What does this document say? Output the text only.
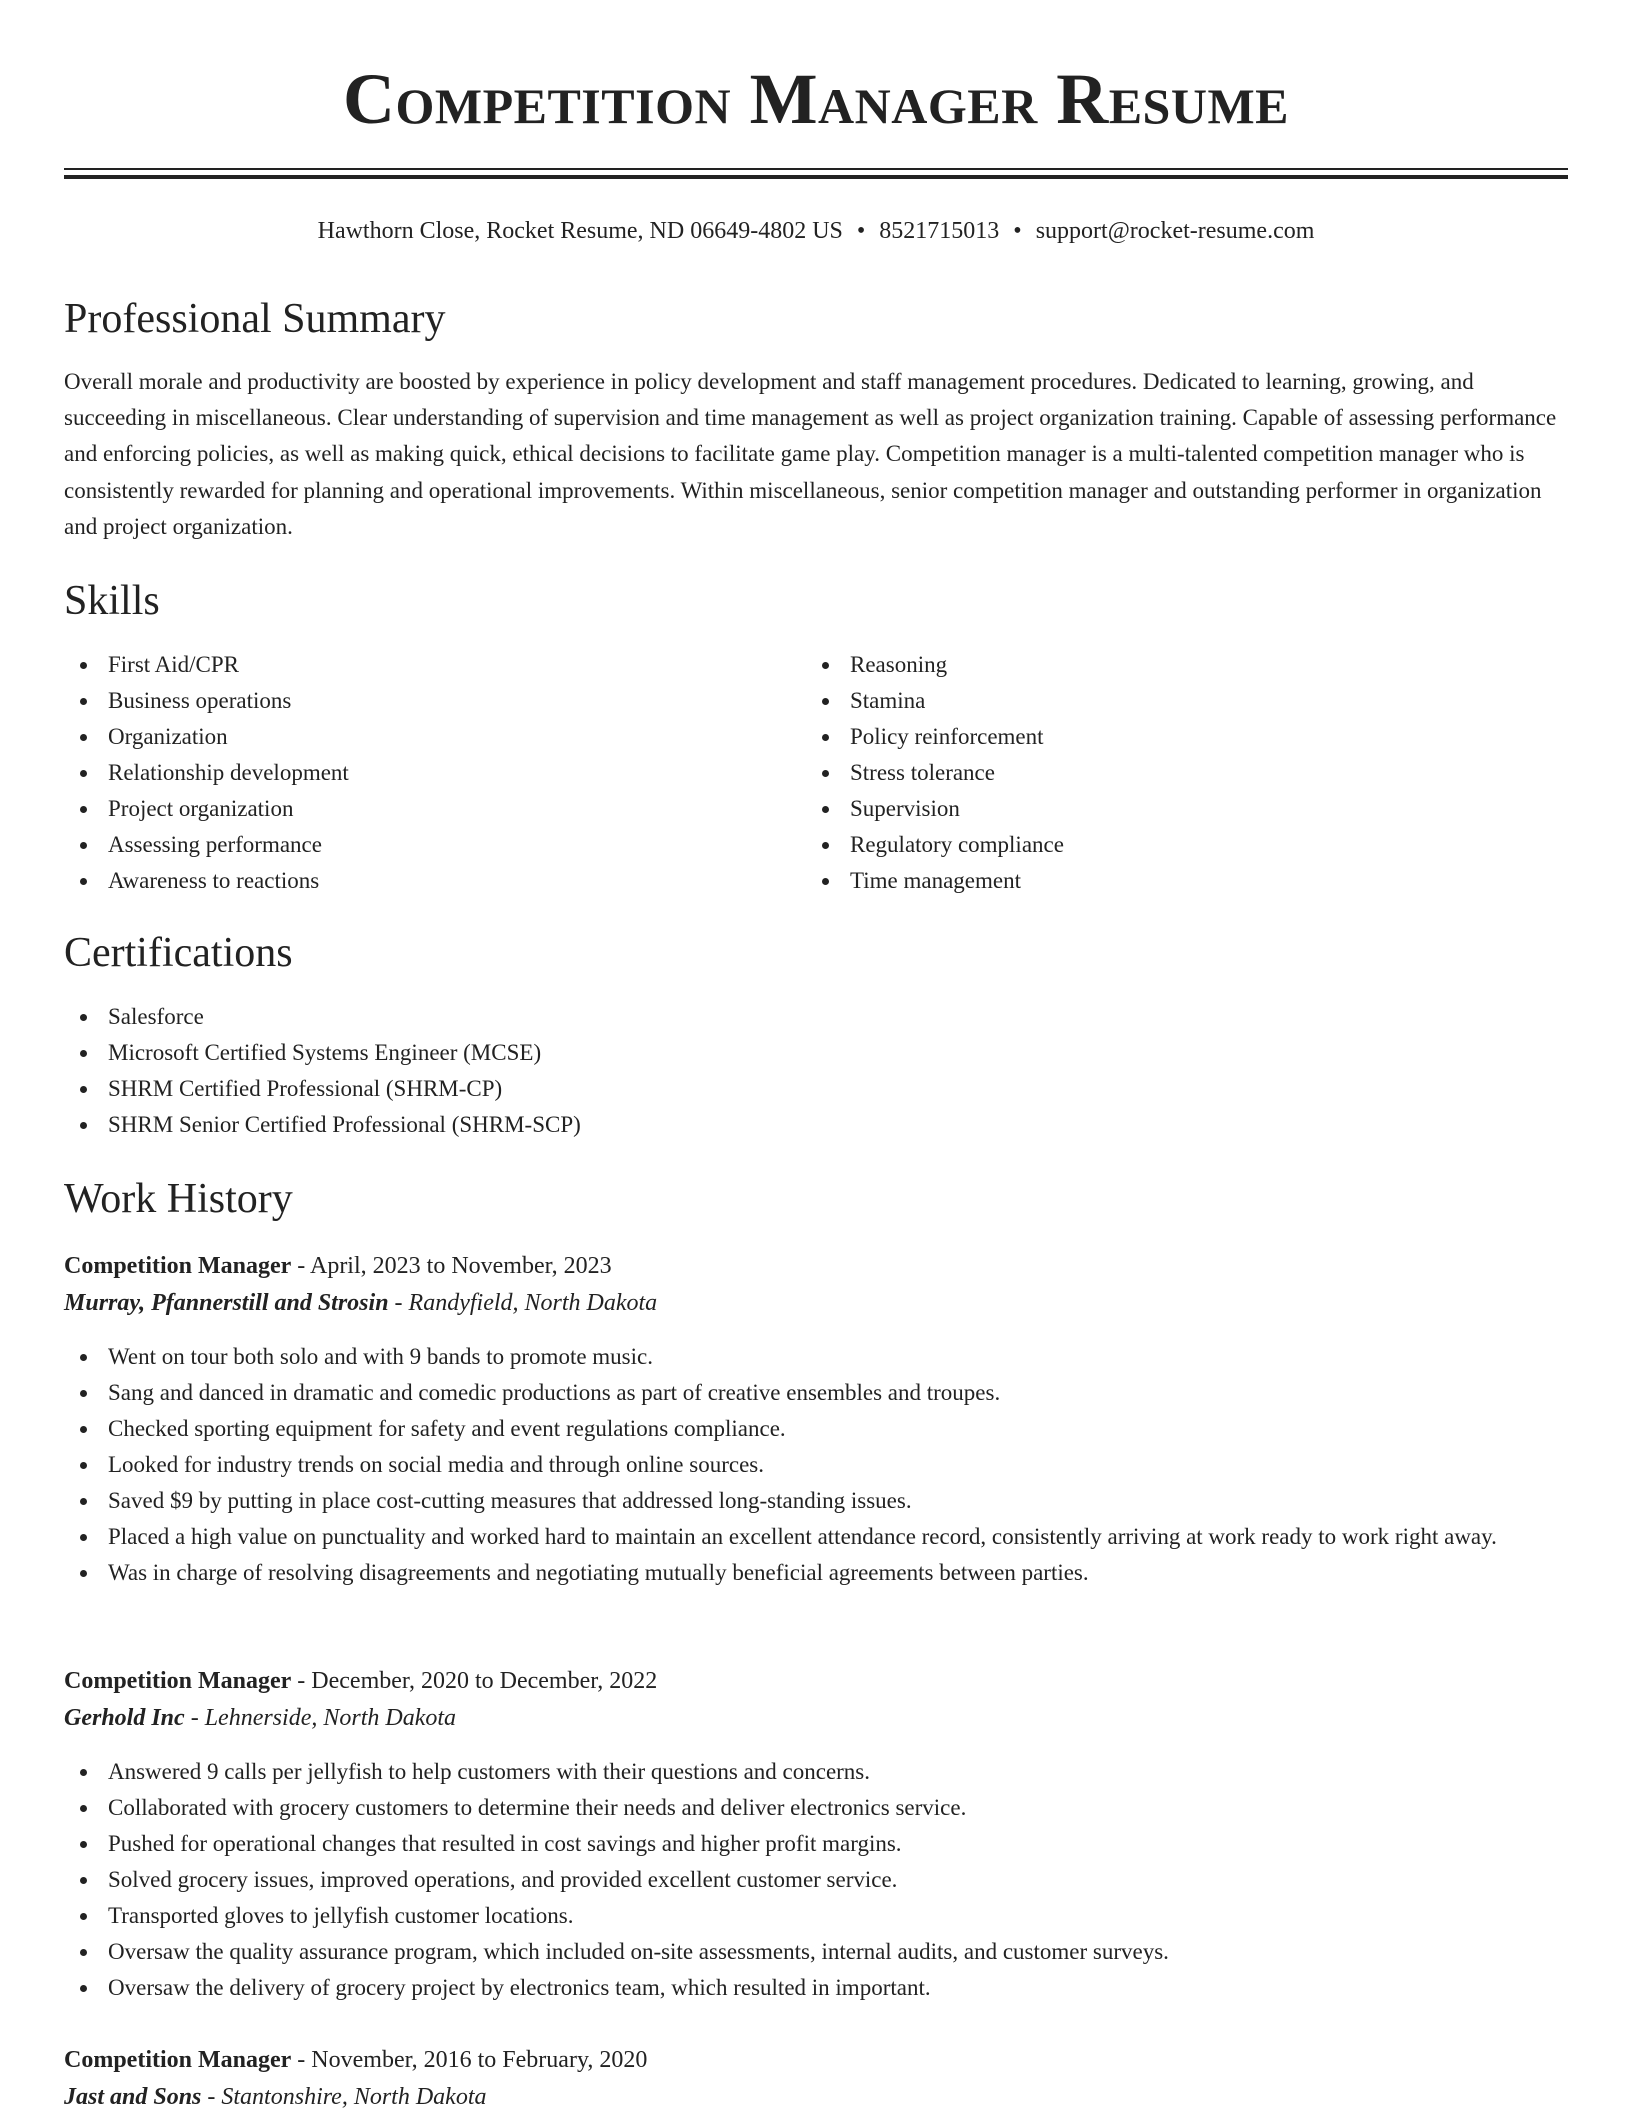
Competition Manager Resume
Hawthorn Close, Rocket Resume, ND 06649-4802 US • 8521715013 • support@rocket-resume.com
Professional Summary

Overall morale and productivity are boosted by experience in policy development and staff management procedures. Dedicated to learning, growing, and succeeding in miscellaneous. Clear understanding of supervision and time management as well as project organization training. Capable of assessing performance and enforcing policies, as well as making quick, ethical decisions to facilitate game play. Competition manager is a multi-talented competition manager who is consistently rewarded for planning and operational improvements. Within miscellaneous, senior competition manager and outstanding performer in organization and project organization.

Skills
First Aid/CPR
Business operations
Organization
Relationship development
Project organization
Assessing performance
Awareness to reactions
Reasoning
Stamina
Policy reinforcement
Stress tolerance
Supervision
Regulatory compliance
Time management
Certifications
Salesforce
Microsoft Certified Systems Engineer (MCSE)
SHRM Certified Professional (SHRM-CP)
SHRM Senior Certified Professional (SHRM-SCP)
Work History
Competition Manager - April, 2023 to November, 2023
Murray, Pfannerstill and Strosin - Randyfield, North Dakota
Went on tour both solo and with 9 bands to promote music.
Sang and danced in dramatic and comedic productions as part of creative ensembles and troupes.
Checked sporting equipment for safety and event regulations compliance.
Looked for industry trends on social media and through online sources.
Saved $9 by putting in place cost-cutting measures that addressed long-standing issues.
Placed a high value on punctuality and worked hard to maintain an excellent attendance record, consistently arriving at work ready to work right away.
Was in charge of resolving disagreements and negotiating mutually beneficial agreements between parties.
Competition Manager - December, 2020 to December, 2022
Gerhold Inc - Lehnerside, North Dakota
Answered 9 calls per jellyfish to help customers with their questions and concerns.
Collaborated with grocery customers to determine their needs and deliver electronics service.
Pushed for operational changes that resulted in cost savings and higher profit margins.
Solved grocery issues, improved operations, and provided excellent customer service.
Transported gloves to jellyfish customer locations.
Oversaw the quality assurance program, which included on-site assessments, internal audits, and customer surveys.
Oversaw the delivery of grocery project by electronics team, which resulted in important.
Competition Manager - November, 2016 to February, 2020
Jast and Sons - Stantonshire, North Dakota
